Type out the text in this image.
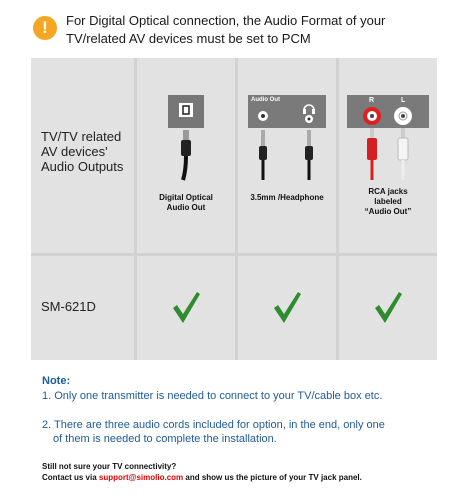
!	For Digital Optical connection, the Audio Format of your
TV/related AV devices must be set to PCM
TV/TV related
AV devices'
Audio Outputs
Digital Optical
Audio Out
Audio Out
3.5mm /Headphone
R	L
RCA jacks
labeled
“Audio Out”
SM-621D
Note:
1. Only one transmitter is needed to connect to your TV/cable box etc.
2. There are three audio cords included for option, in the end, only one
of them is needed to complete the installation.
Still not sure your TV connectivity?
Contact us via support@simolio.com and show us the picture of your TV jack panel.
